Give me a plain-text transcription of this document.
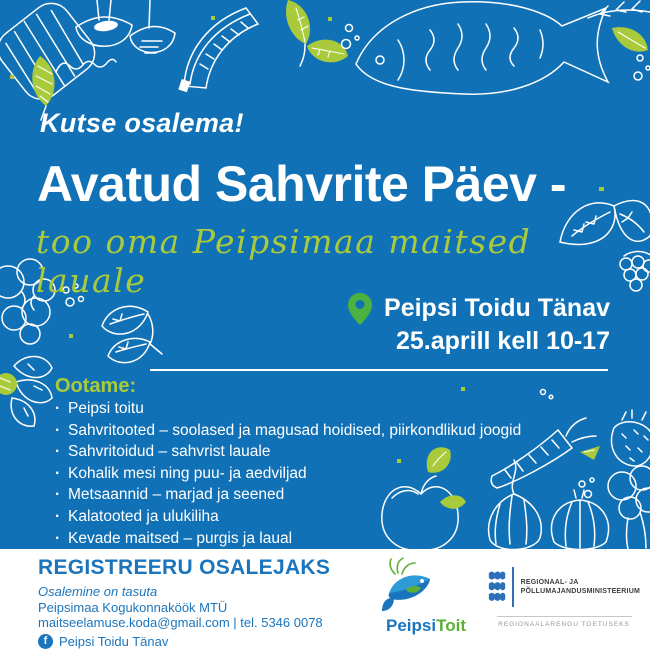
Kutse osalema!
Avatud Sahvrite Päev -
too oma Peipsimaa maitsed lauale
Peipsi Toidu Tänav
25.aprill kell 10-17
Ootame:
· Peipsi toitu
· Sahvritooted – soolased ja magusad hoidised, piirkondlikud joogid
· Sahvritoidud – sahvrist lauale
· Kohalik mesi ning puu- ja aedviljad
· Metsaannid – marjad ja seened
· Kalatooted ja ulukiliha
· Kevade maitsed – purgis ja laual
REGISTREERU OSALEJAKS
Osalemine on tasuta
Peipsimaa Kogukonnaköök MTÜ
maitseelamuse.koda@gmail.com | tel. 5346 0078
f Peipsi Toidu Tänav
PeipsiToit
REGIONAAL- JA
PÕLLUMAJANDUSMINISTEERIUM
REGIONAALARENGU TOETUSEKS
